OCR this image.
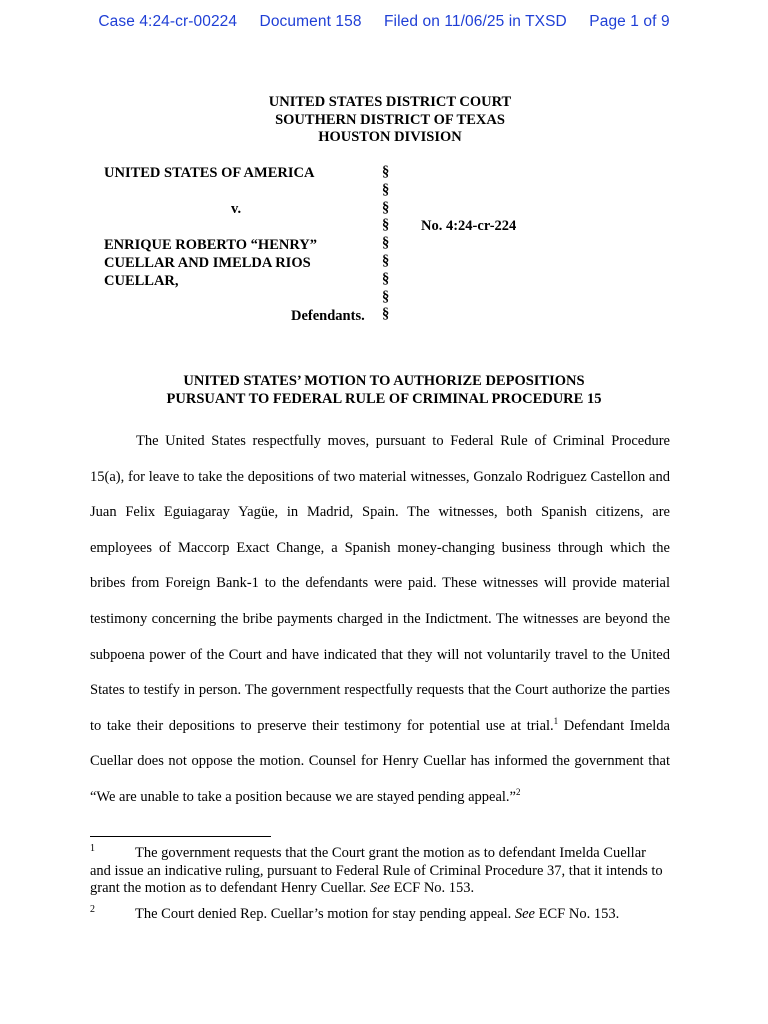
Case 4:24-cr-00224 Document 158 Filed on 11/06/25 in TXSD Page 1 of 9
UNITED STATES DISTRICT COURT
SOUTHERN DISTRICT OF TEXAS
HOUSTON DIVISION
UNITED STATES OF AMERICA
v.
ENRIQUE ROBERTO “HENRY”
CUELLAR AND IMELDA RIOS
CUELLAR,
Defendants.
§
§
§
§
§
§
§
§
§
No. 4:24-cr-224
UNITED STATES’ MOTION TO AUTHORIZE DEPOSITIONS
PURSUANT TO FEDERAL RULE OF CRIMINAL PROCEDURE 15
The United States respectfully moves, pursuant to Federal Rule of Criminal Procedure 15(a), for leave to take the depositions of two material witnesses, Gonzalo Rodriguez Castellon and Juan Felix Eguiagaray Yagüe, in Madrid, Spain. The witnesses, both Spanish citizens, are employees of Maccorp Exact Change, a Spanish money-changing business through which the bribes from Foreign Bank-1 to the defendants were paid. These witnesses will provide material testimony concerning the bribe payments charged in the Indictment. The witnesses are beyond the subpoena power of the Court and have indicated that they will not voluntarily travel to the United States to testify in person. The government respectfully requests that the Court authorize the parties to take their depositions to preserve their testimony for potential use at trial.$^1$ Defendant Imelda Cuellar does not oppose the motion. Counsel for Henry Cuellar has informed the government that “We are unable to take a position because we are stayed pending appeal.”$^2$
1	The government requests that the Court grant the motion as to defendant Imelda Cuellar and issue an indicative ruling, pursuant to Federal Rule of Criminal Procedure 37, that it intends to grant the motion as to defendant Henry Cuellar. See ECF No. 153.
2	The Court denied Rep. Cuellar’s motion for stay pending appeal. See ECF No. 153.
